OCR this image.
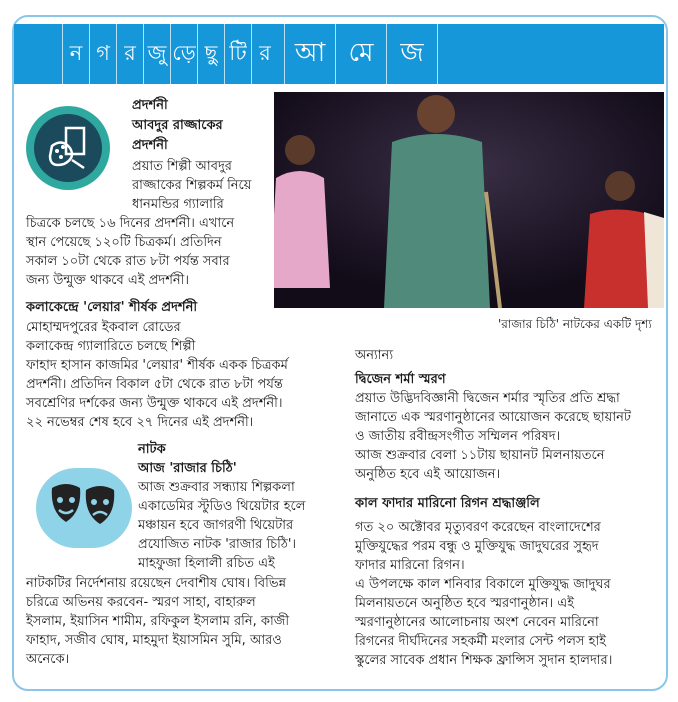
ন গ র জু ড়ে ছু টি র আ মে	জ
প্রদর্শনী
আবদুর রাজ্জাকের
প্রদর্শনী
প্রয়াত শিল্পী আবদুর
রাজ্জাকের শিল্পকর্ম নিয়ে
ধানমন্ডির গ্যালারি
চিত্রকে চলছে ১৬ দিনের প্রদর্শনী। এখানে
স্থান পেয়েছে ১২০টি চিত্রকর্ম। প্রতিদিন
সকাল ১০টা থেকে রাত ৮টা পর্যন্ত সবার
জন্য উন্মুক্ত থাকবে এই প্রদর্শনী।
কলাকেন্দ্রে 'লেয়ার' শীর্ষক প্রদর্শনী
মোহাম্মদপুরের ইকবাল রোডের
কলাকেন্দ্র গ্যালারিতে চলছে শিল্পী
ফাহাদ হাসান কাজমির 'লেয়ার' শীর্ষক একক চিত্রকর্ম
প্রদর্শনী। প্রতিদিন বিকাল ৫টা থেকে রাত ৮টা পর্যন্ত
সবশ্রেণির দর্শকের জন্য উন্মুক্ত থাকবে এই প্রদর্শনী।
২২ নভেম্বর শেষ হবে ২৭ দিনের এই প্রদর্শনী।
নাটক
আজ 'রাজার চিঠি'
আজ শুক্রবার সন্ধ্যায় শিল্পকলা
একাডেমির স্টুডিও থিয়েটার হলে
মঞ্চায়ন হবে জাগরণী থিয়েটার
প্রযোজিত নাটক 'রাজার চিঠি'।
মাহফুজা হিলালী রচিত এই
নাটকটির নির্দেশনায় রয়েছেন দেবাশীষ ঘোষ। বিভিন্ন
চরিত্রে অভিনয় করবেন- স্মরণ সাহা, বাহারুল
ইসলাম, ইয়াসিন শামীম, রফিকুল ইসলাম রনি, কাজী
ফাহাদ, সজীব ঘোষ, মাহমুদা ইয়াসমিন সুমি, আরও
অনেকে।
'রাজার চিঠি' নাটকের একটি দৃশ্য
অন্যান্য
দ্বিজেন শর্মা স্মরণ
প্রয়াত উদ্ভিদবিজ্ঞানী দ্বিজেন শর্মার স্মৃতির প্রতি শ্রদ্ধা
জানাতে এক স্মরণানুষ্ঠানের আয়োজন করেছে ছায়ানট
ও জাতীয় রবীন্দ্রসংগীত সম্মিলন পরিষদ।
আজ শুক্রবার বেলা ১১টায় ছায়ানট মিলনায়তনে
অনুষ্ঠিত হবে এই আয়োজন।
কাল ফাদার মারিনো রিগন শ্রদ্ধাঞ্জলি
গত ২০ অক্টোবর মৃত্যুবরণ করেছেন বাংলাদেশের
মুক্তিযুদ্ধের পরম বন্ধু ও মুক্তিযুদ্ধ জাদুঘরের সুহৃদ
ফাদার মারিনো রিগন।
এ উপলক্ষে কাল শনিবার বিকালে মুক্তিযুদ্ধ জাদুঘর
মিলনায়তনে অনুষ্ঠিত হবে স্মরণানুষ্ঠান। এই
স্মরণানুষ্ঠানের আলোচনায় অংশ নেবেন মারিনো
রিগনের দীর্ঘদিনের সহকর্মী মংলার সেন্ট পলস হাই
স্কুলের সাবেক প্রধান শিক্ষক ফ্রান্সিস সুদান হালদার।
